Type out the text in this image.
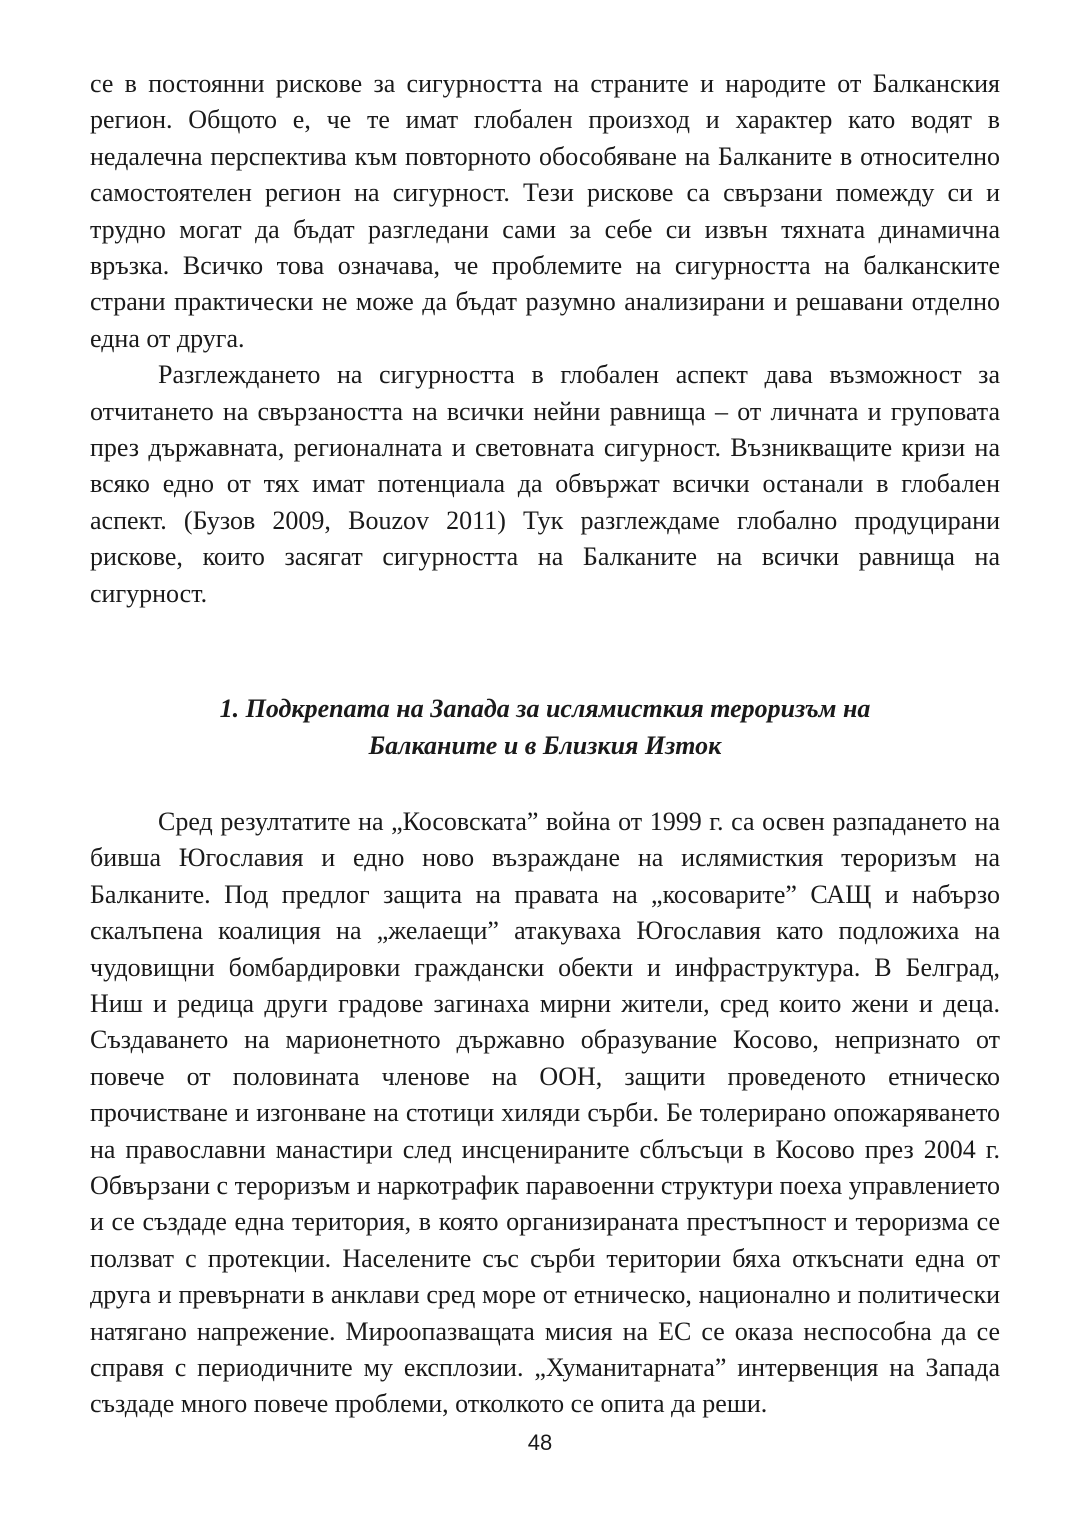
се в постоянни рискове за сигурността на страните и народите от Балканския регион. Общото е, че те имат глобален произход и характер като водят в недалечна перспектива към повторното обособяване на Балканите в относително самостоятелен регион на сигурност. Тези рискове са свързани помежду си и трудно могат да бъдат разгледани сами за себе си извън тяхната динамична връзка. Всичко това означава, че проблемите на сигурността на балканските страни практически не може да бъдат разумно анализирани и решавани отделно една от друга.

Разглеждането на сигурността в глобален аспект дава възможност за отчитането на свързаността на всички нейни равнища – от личната и груповата през държавната, регионалната и световната сигурност. Възникващите кризи на всяко едно от тях имат потенциала да обвържат всички останали в глобален аспект. (Бузов 2009, Bouzov 2011) Тук разглеждаме глобално продуцирани рискове, които засягат сигурността на Балканите на всички равнища на сигурност.

1. Подкрепата на Запада за ислямисткия тероризъм на
Балканите и в Близкия Изток

Сред резултатите на „Косовската” война от 1999 г. са освен разпадането на бивша Югославия и едно ново възраждане на ислямисткия тероризъм на Балканите. Под предлог защита на правата на „косоварите” САЩ и набързо скалъпена коалиция на „желаещи” атакуваха Югославия като подложиха на чудовищни бомбардировки граждански обекти и инфраструктура. В Белград, Ниш и редица други градове загинаха мирни жители, сред които жени и деца. Създаването на марионетното държавно образувание Косово, непризнато от повече от половината членове на ООН, защити проведеното етническо прочистване и изгонване на стотици хиляди сърби. Бе толерирано опожаряването на православни манастири след инсценираните сблъсъци в Косово през 2004 г. Обвързани с тероризъм и наркотрафик паравоенни структури поеха управлението и се създаде една територия, в която организираната престъпност и тероризма се ползват с протекции. Населените със сърби територии бяха откъснати една от друга и превърнати в анклави сред море от етническо, национално и политически натягано напрежение. Мироопазващата мисия на ЕС се оказа неспособна да се справя с периодичните му експлозии. „Хуманитарната” интервенция на Запада създаде много повече проблеми, отколкото се опита да реши.

48
